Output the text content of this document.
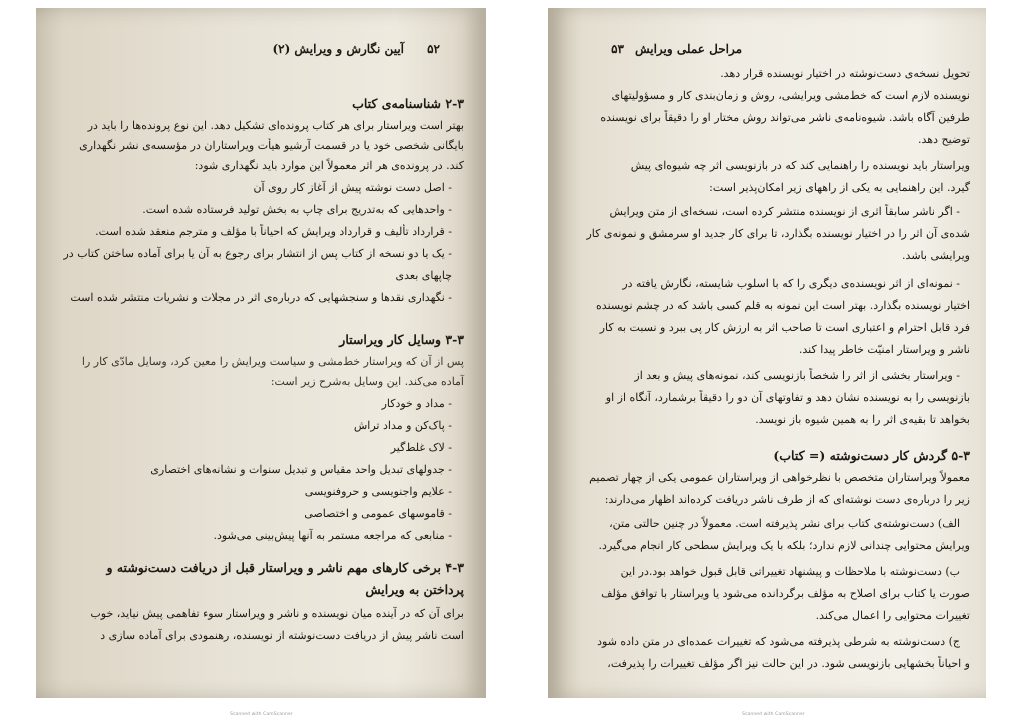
۵۲
آیین نگارش و ویرایش (۲)
۲-۳ شناسنامه‌ی کتاب
بهتر است ویراستار برای هر کتاب پرونده‌ای تشکیل دهد. این نوع پرونده‌ها را باید در
بایگانی شخصی خود یا در قسمت آرشیو هیأت ویراستاران در مؤسسه‌ی نشر نگهداری
کند. در پرونده‌ی هر اثر معمولاً این موارد باید نگهداری شود:
- اصل دست نوشته پیش از آغاز کار روی آن
- واحدهایی که به‌تدریج برای چاپ به بخش تولید فرستاده شده است.
- قرارداد تألیف و قرارداد ویرایش که احیاناً با مؤلف و مترجم منعقد شده است.
- یک یا دو نسخه از کتاب پس از انتشار برای رجوع به آن یا برای آماده ساختن کتاب در
چاپهای بعدی
- نگهداری نقدها و سنجشهایی که درباره‌ی اثر در مجلات و نشریات منتشر شده است
۳-۳ وسایل کار ویراستار
پس از آن که ویراستار خط‌مشی و سیاست ویرایش را معین کرد، وسایل مادّی کار را
آماده می‌کند. این وسایل به‌شرح زیر است:
- مداد و خودکار
- پاک‌کن و مداد تراش
- لاک غلط‌گیر
- جدولهای تبدیل واحد مقیاس و تبدیل سنوات و نشانه‌های اختصاری
- علایم واجنویسی و حروفنویسی
- قاموسهای عمومی و اختصاصی
- منابعی که مراجعه مستمر به آنها پیش‌بینی می‌شود.
۴-۳ برخی کارهای مهم ناشر و ویراستار قبل از دریافت دست‌نوشته و
پرداختن به ویرایش
برای آن که در آینده میان نویسنده و ناشر و ویراستار سوء تفاهمی پیش نیاید، خوب
است ناشر پیش از دریافت دست‌نوشته از نویسنده، رهنمودی برای آماده سازی د
۵۳ مراحل عملی ویرایش
تحویل نسخه‌ی دست‌نوشته در اختیار نویسنده قرار دهد.
نویسنده لازم است که خط‌مشی ویرایشی، روش و زمان‌بندی کار و مسؤولیتهای
طرفین آگاه باشد. شیوه‌نامه‌ی ناشر می‌تواند روش مختار او را دقیقاً برای نویسنده
توضیح دهد.
ویراستار باید نویسنده را راهنمایی کند که در بازنویسی اثر چه شیوه‌ای پیش
گیرد. این راهنمایی به یکی از راههای زیر امکان‌پذیر است:
- اگر ناشر سابقاً اثری از نویسنده منتشر کرده است، نسخه‌ای از متن ویرایش
شده‌ی آن اثر را در اختیار نویسنده بگذارد، تا برای کار جدید او سرمشق و نمونه‌ی کار
ویرایشی باشد.
- نمونه‌ای از اثر نویسنده‌ی دیگری را که با اسلوب شایسته، نگارش یافته در
اختیار نویسنده بگذارد. بهتر است این نمونه به قلم کسی باشد که در چشم نویسنده
فرد قابل احترام و اعتباری است تا صاحب اثر به ارزش کار پی ببرد و نسبت به کار
ناشر و ویراستار امنیّت خاطر پیدا کند.
- ویراستار بخشی از اثر را شخصاً بازنویسی کند، نمونه‌های پیش و بعد از
بازنویسی را به نویسنده نشان دهد و تفاوتهای آن دو را دقیقاً برشمارد، آنگاه از او
بخواهد تا بقیه‌ی اثر را به همین شیوه باز نویسد.
۵-۳ گردش کار دست‌نوشته (= کتاب)
معمولاً ویراستاران متخصص با نظرخواهی از ویراستاران عمومی یکی از چهار تصمیم
زیر را درباره‌ی دست نوشته‌ای که از طرف ناشر دریافت کرده‌اند اظهار می‌دارند:
الف) دست‌نوشته‌ی کتاب برای نشر پذیرفته است. معمولاً در چنین حالتی متن،
ویرایش محتوایی چندانی لازم ندارد؛ بلکه با یک ویرایش سطحی کار انجام می‌گیرد.
ب) دست‌نوشته با ملاحظات و پیشنهاد تغییراتی قابل قبول خواهد بود.در این
صورت یا کتاب برای اصلاح به مؤلف برگردانده می‌شود یا ویراستار با توافق مؤلف
تغییرات محتوایی را اعمال می‌کند.
ج) دست‌نوشته به شرطی پذیرفته می‌شود که تغییرات عمده‌ای در متن داده شود
و احیاناً بخشهایی بازنویسی شود. در این حالت نیز اگر مؤلف تغییرات را پذیرفت،
Scanned with CamScanner	Scanned with CamScanner
